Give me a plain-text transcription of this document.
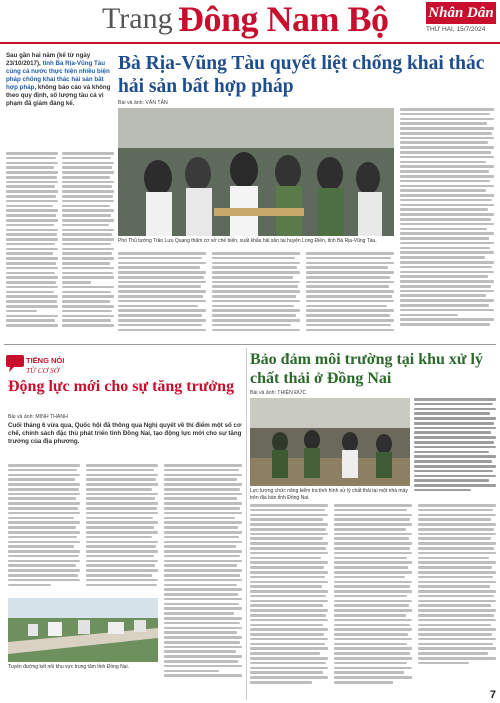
Trang Đông Nam Bộ	Nhân Dân
THỨ HAI, 15/7/2024

Sau gần hai năm (kể từ ngày 23/10/2017), tỉnh Bà Rịa-Vũng Tàu cùng cả nước thực hiện nhiều biện pháp chống khai thác hải sản bất hợp pháp, không báo cáo và không theo quy định, số lượng tàu cá vi phạm đã giảm đáng kể.

Bà Rịa-Vũng Tàu quyết liệt chống khai thác hải sản bất hợp pháp
Bài và ảnh: VĂN TÂN
Phó Thủ tướng Trần Lưu Quang thăm cơ sở chế biến, xuất khẩu hải sản tại huyện Long Điền, tỉnh Bà Rịa-Vũng Tàu.
TIẾNG NÓI
TỪ CƠ SỞ
Động lực mới cho sự tăng trưởng
Bài và ảnh: MINH THÀNH

Cuối tháng 6 vừa qua, Quốc hội đã thông qua Nghị quyết về thí điểm một số cơ chế, chính sách đặc thù phát triển tỉnh Đồng Nai, tạo động lực mới cho sự tăng trưởng của địa phương.

Tuyến đường kết nối khu vực trung tâm tỉnh Đồng Nai.
Bảo đảm môi trường tại khu xử lý chất thải ở Đồng Nai
Bài và ảnh: THIỆN ĐỨC
Lực lượng chức năng kiểm tra tình hình xử lý chất thải tại một nhà máy trên địa bàn tỉnh Đồng Nai.
7
